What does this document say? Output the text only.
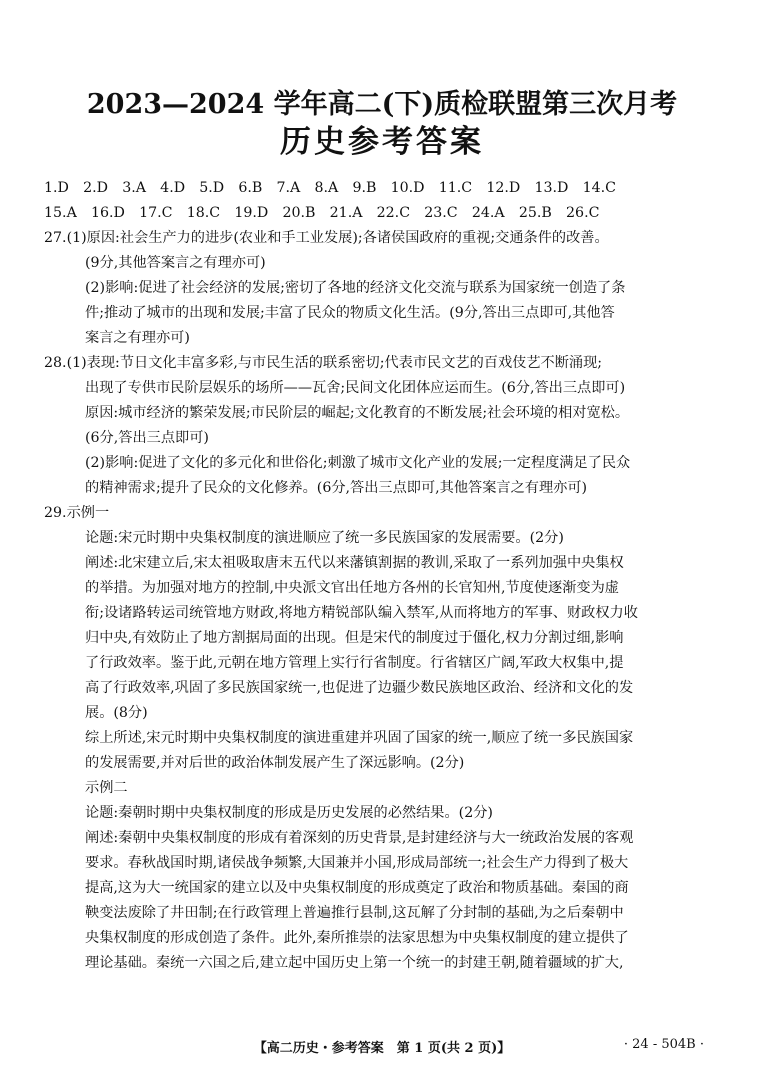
2023—2024 学年高二(下)质检联盟第三次月考
历史参考答案

1.D　2.D　3.A　4.D　5.D　6.B　7.A　8.A　9.B　10.D　11.C　12.D　13.D　14.C

15.A　16.D　17.C　18.C　19.D　20.B　21.A　22.C　23.C　24.A　25.B　26.C

27.(1)原因:社会生产力的进步(农业和手工业发展);各诸侯国政府的重视;交通条件的改善。

(9分,其他答案言之有理亦可)

(2)影响:促进了社会经济的发展;密切了各地的经济文化交流与联系为国家统一创造了条

件;推动了城市的出现和发展;丰富了民众的物质文化生活。(9分,答出三点即可,其他答

案言之有理亦可)

28.(1)表现:节日文化丰富多彩,与市民生活的联系密切;代表市民文艺的百戏伎艺不断涌现;

出现了专供市民阶层娱乐的场所——瓦舍;民间文化团体应运而生。(6分,答出三点即可)

原因:城市经济的繁荣发展;市民阶层的崛起;文化教育的不断发展;社会环境的相对宽松。

(6分,答出三点即可)

(2)影响:促进了文化的多元化和世俗化;刺激了城市文化产业的发展;一定程度满足了民众

的精神需求;提升了民众的文化修养。(6分,答出三点即可,其他答案言之有理亦可)

29.示例一

论题:宋元时期中央集权制度的演进顺应了统一多民族国家的发展需要。(2分)

阐述:北宋建立后,宋太祖吸取唐末五代以来藩镇割据的教训,采取了一系列加强中央集权

的举措。为加强对地方的控制,中央派文官出任地方各州的长官知州,节度使逐渐变为虚

衔;设诸路转运司统管地方财政,将地方精锐部队编入禁军,从而将地方的军事、财政权力收

归中央,有效防止了地方割据局面的出现。但是宋代的制度过于僵化,权力分割过细,影响

了行政效率。鉴于此,元朝在地方管理上实行行省制度。行省辖区广阔,军政大权集中,提

高了行政效率,巩固了多民族国家统一,也促进了边疆少数民族地区政治、经济和文化的发

展。(8分)

综上所述,宋元时期中央集权制度的演进重建并巩固了国家的统一,顺应了统一多民族国家

的发展需要,并对后世的政治体制发展产生了深远影响。(2分)

示例二

论题:秦朝时期中央集权制度的形成是历史发展的必然结果。(2分)

阐述:秦朝中央集权制度的形成有着深刻的历史背景,是封建经济与大一统政治发展的客观

要求。春秋战国时期,诸侯战争频繁,大国兼并小国,形成局部统一;社会生产力得到了极大

提高,这为大一统国家的建立以及中央集权制度的形成奠定了政治和物质基础。秦国的商

鞅变法废除了井田制;在行政管理上普遍推行县制,这瓦解了分封制的基础,为之后秦朝中

央集权制度的形成创造了条件。此外,秦所推崇的法家思想为中央集权制度的建立提供了

理论基础。秦统一六国之后,建立起中国历史上第一个统一的封建王朝,随着疆域的扩大,

【高二历史・参考答案　第 1 页(共 2 页)】	· 24 - 504B ·
